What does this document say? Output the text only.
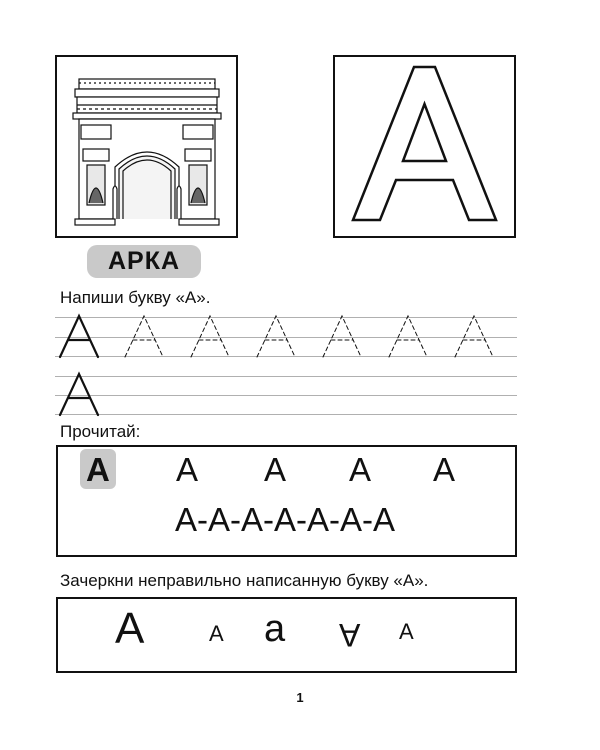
АРКА
Напиши букву «А».
Прочитай:
А А А А А
А-А-А-А-А-А-А
Зачеркни неправильно написанную букву «А».
А	А а А А
1
